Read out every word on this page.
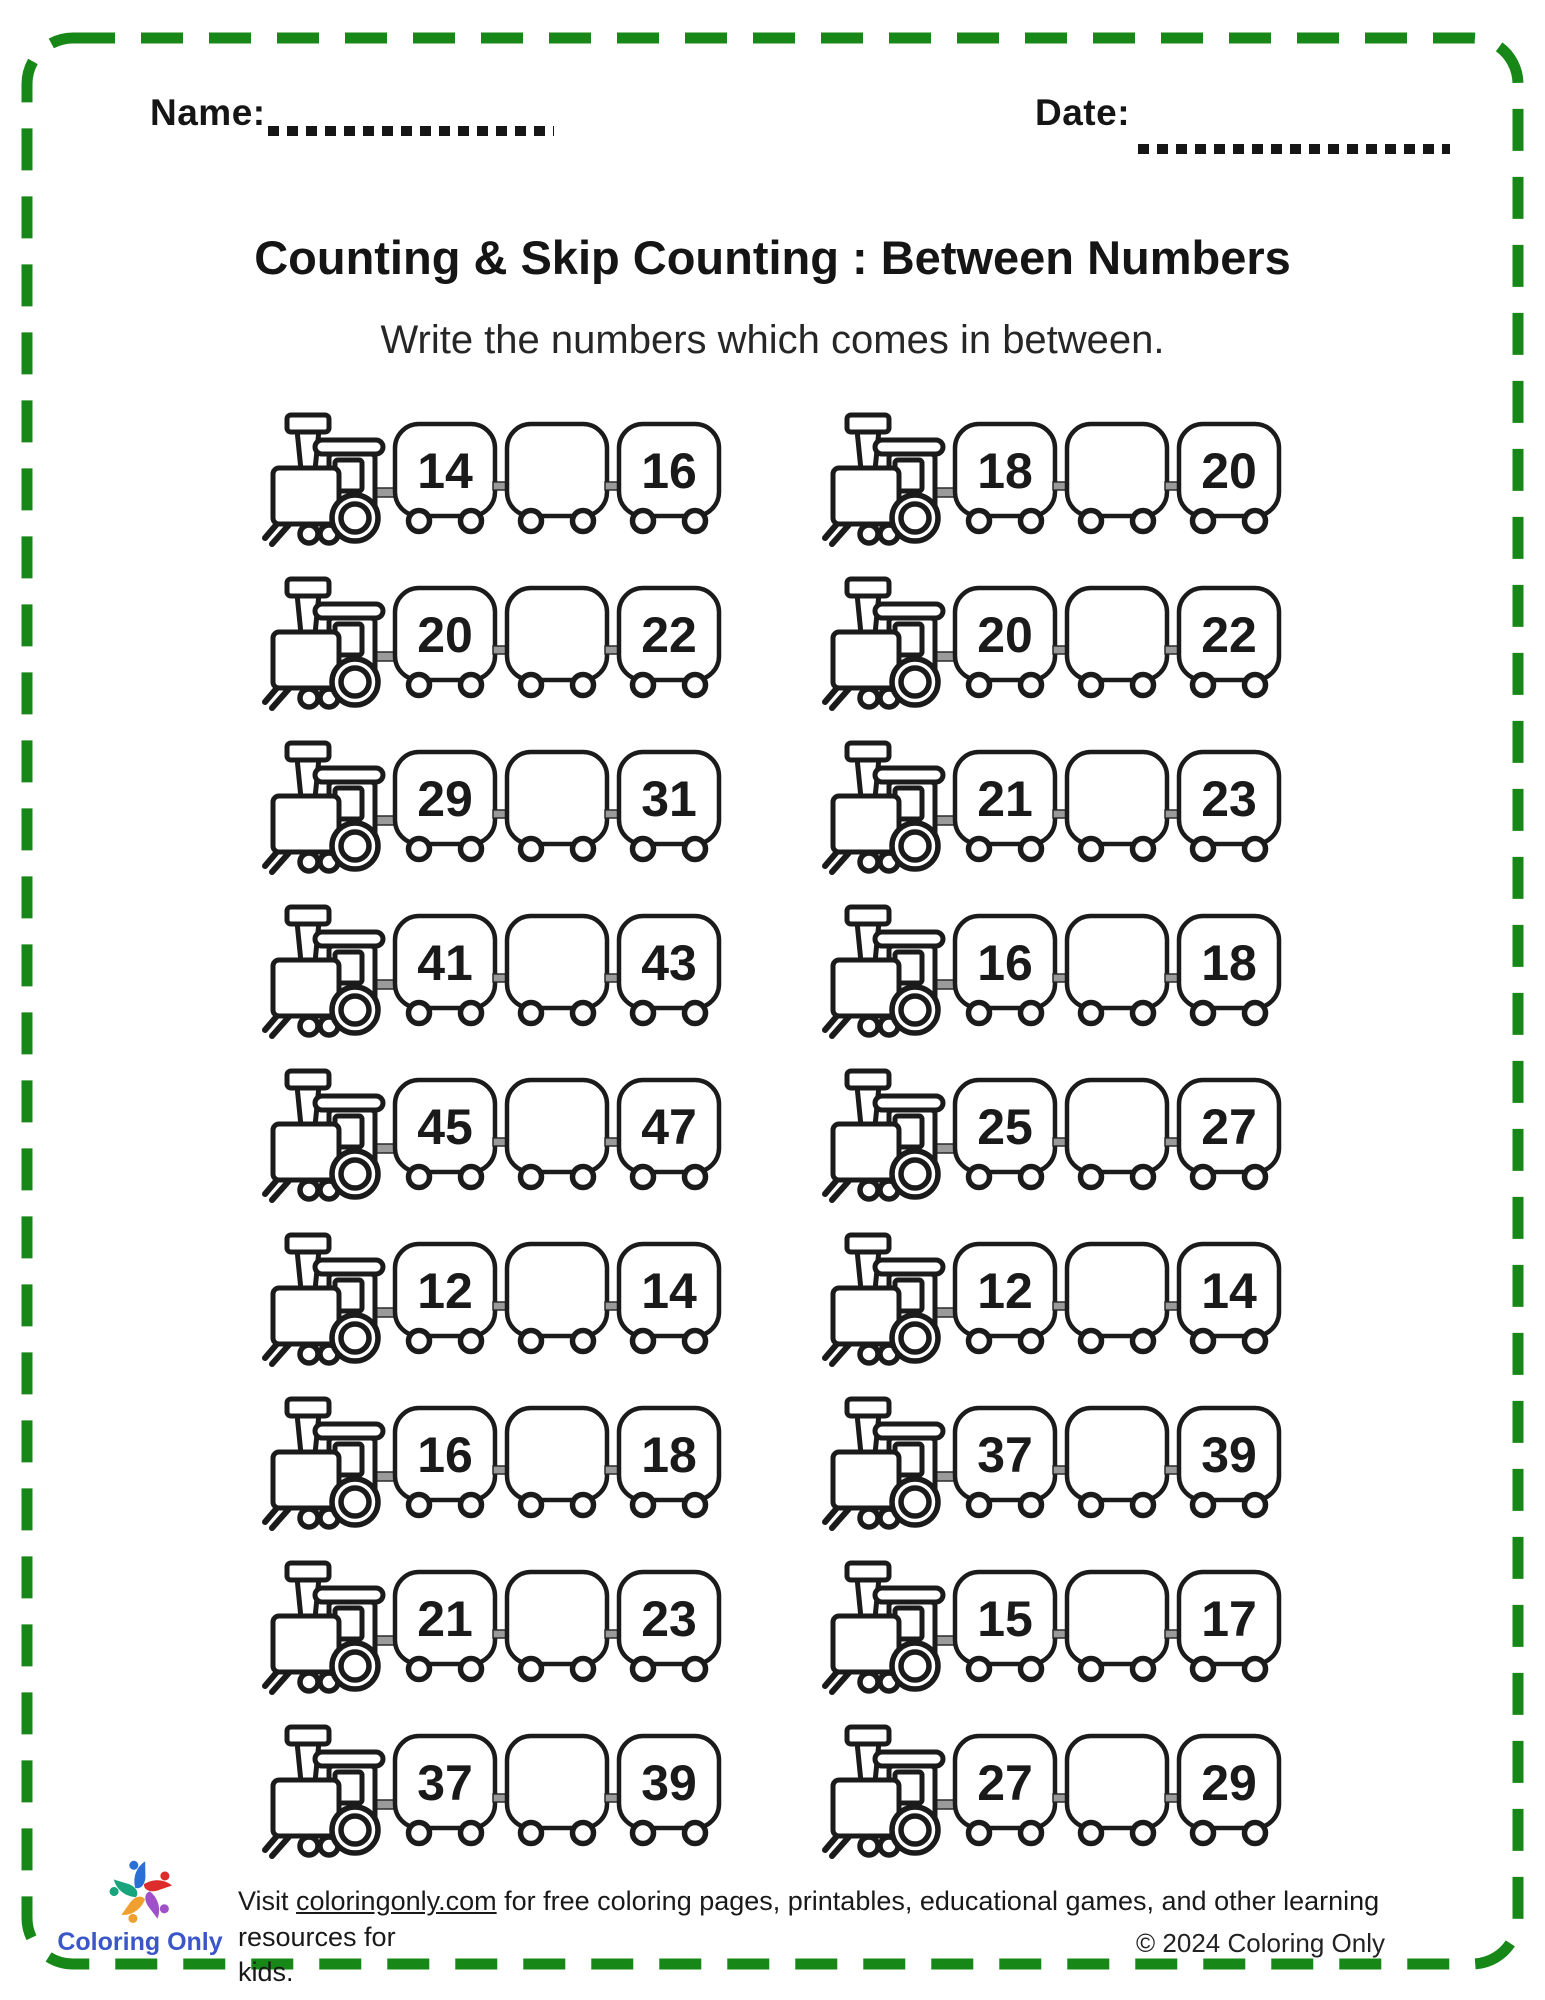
Name:	Date:
Counting & Skip Counting : Between Numbers
Write the numbers which comes in between.
14	16	18	20
20	22	20	22
29	31	21	23
41	43	16	18
45	47	25	27
12	14	12	14
16	18	37	39
21	23	15	17
37	39	27	29
Coloring Only
Visit coloringonly.com for free coloring pages, printables, educational games, and other learning resources for
kids.
© 2024 Coloring Only
